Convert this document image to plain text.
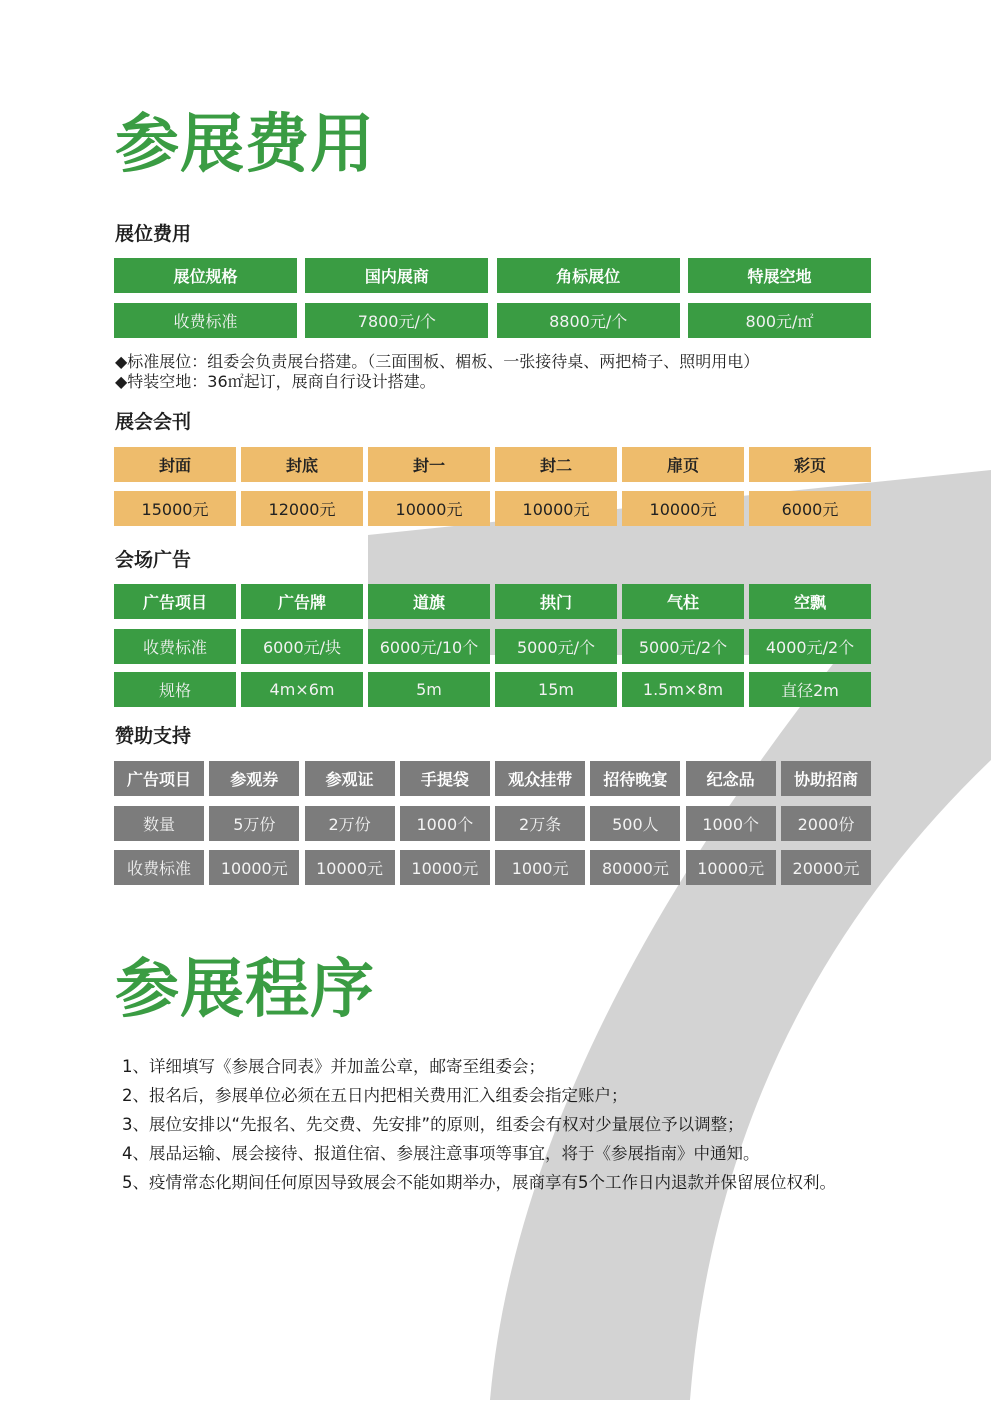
参展费用
展位费用
展位规格	国内展商	角标展位	特展空地
收费标准	7800元/个	8800元/个	800元/㎡
◆标准展位：组委会负责展台搭建。（三面围板、楣板、一张接待桌、两把椅子、照明用电）
◆特装空地：36㎡起订，展商自行设计搭建。
展会会刊
封面	封底	封一	封二	扉页	彩页
15000元	12000元	10000元	10000元	10000元	6000元
会场广告
广告项目	广告牌	道旗	拱门	气柱	空飘
收费标准	6000元/块	6000元/10个	5000元/个	5000元/2个	4000元/2个
规格	4m×6m	5m	15m	1.5m×8m	直径2m
赞助支持
广告项目	参观券	参观证	手提袋	观众挂带	招待晚宴	纪念品	协助招商
数量	5万份	2万份	1000个	2万条	500人	1000个	2000份
收费标准	10000元	10000元	10000元	1000元	80000元	10000元	20000元
参展程序
1、详细填写《参展合同表》并加盖公章，邮寄至组委会；
2、报名后，参展单位必须在五日内把相关费用汇入组委会指定账户；
3、展位安排以“先报名、先交费、先安排”的原则，组委会有权对少量展位予以调整；
4、展品运输、展会接待、报道住宿、参展注意事项等事宜，将于《参展指南》中通知。
5、疫情常态化期间任何原因导致展会不能如期举办，展商享有5个工作日内退款并保留展位权利。
